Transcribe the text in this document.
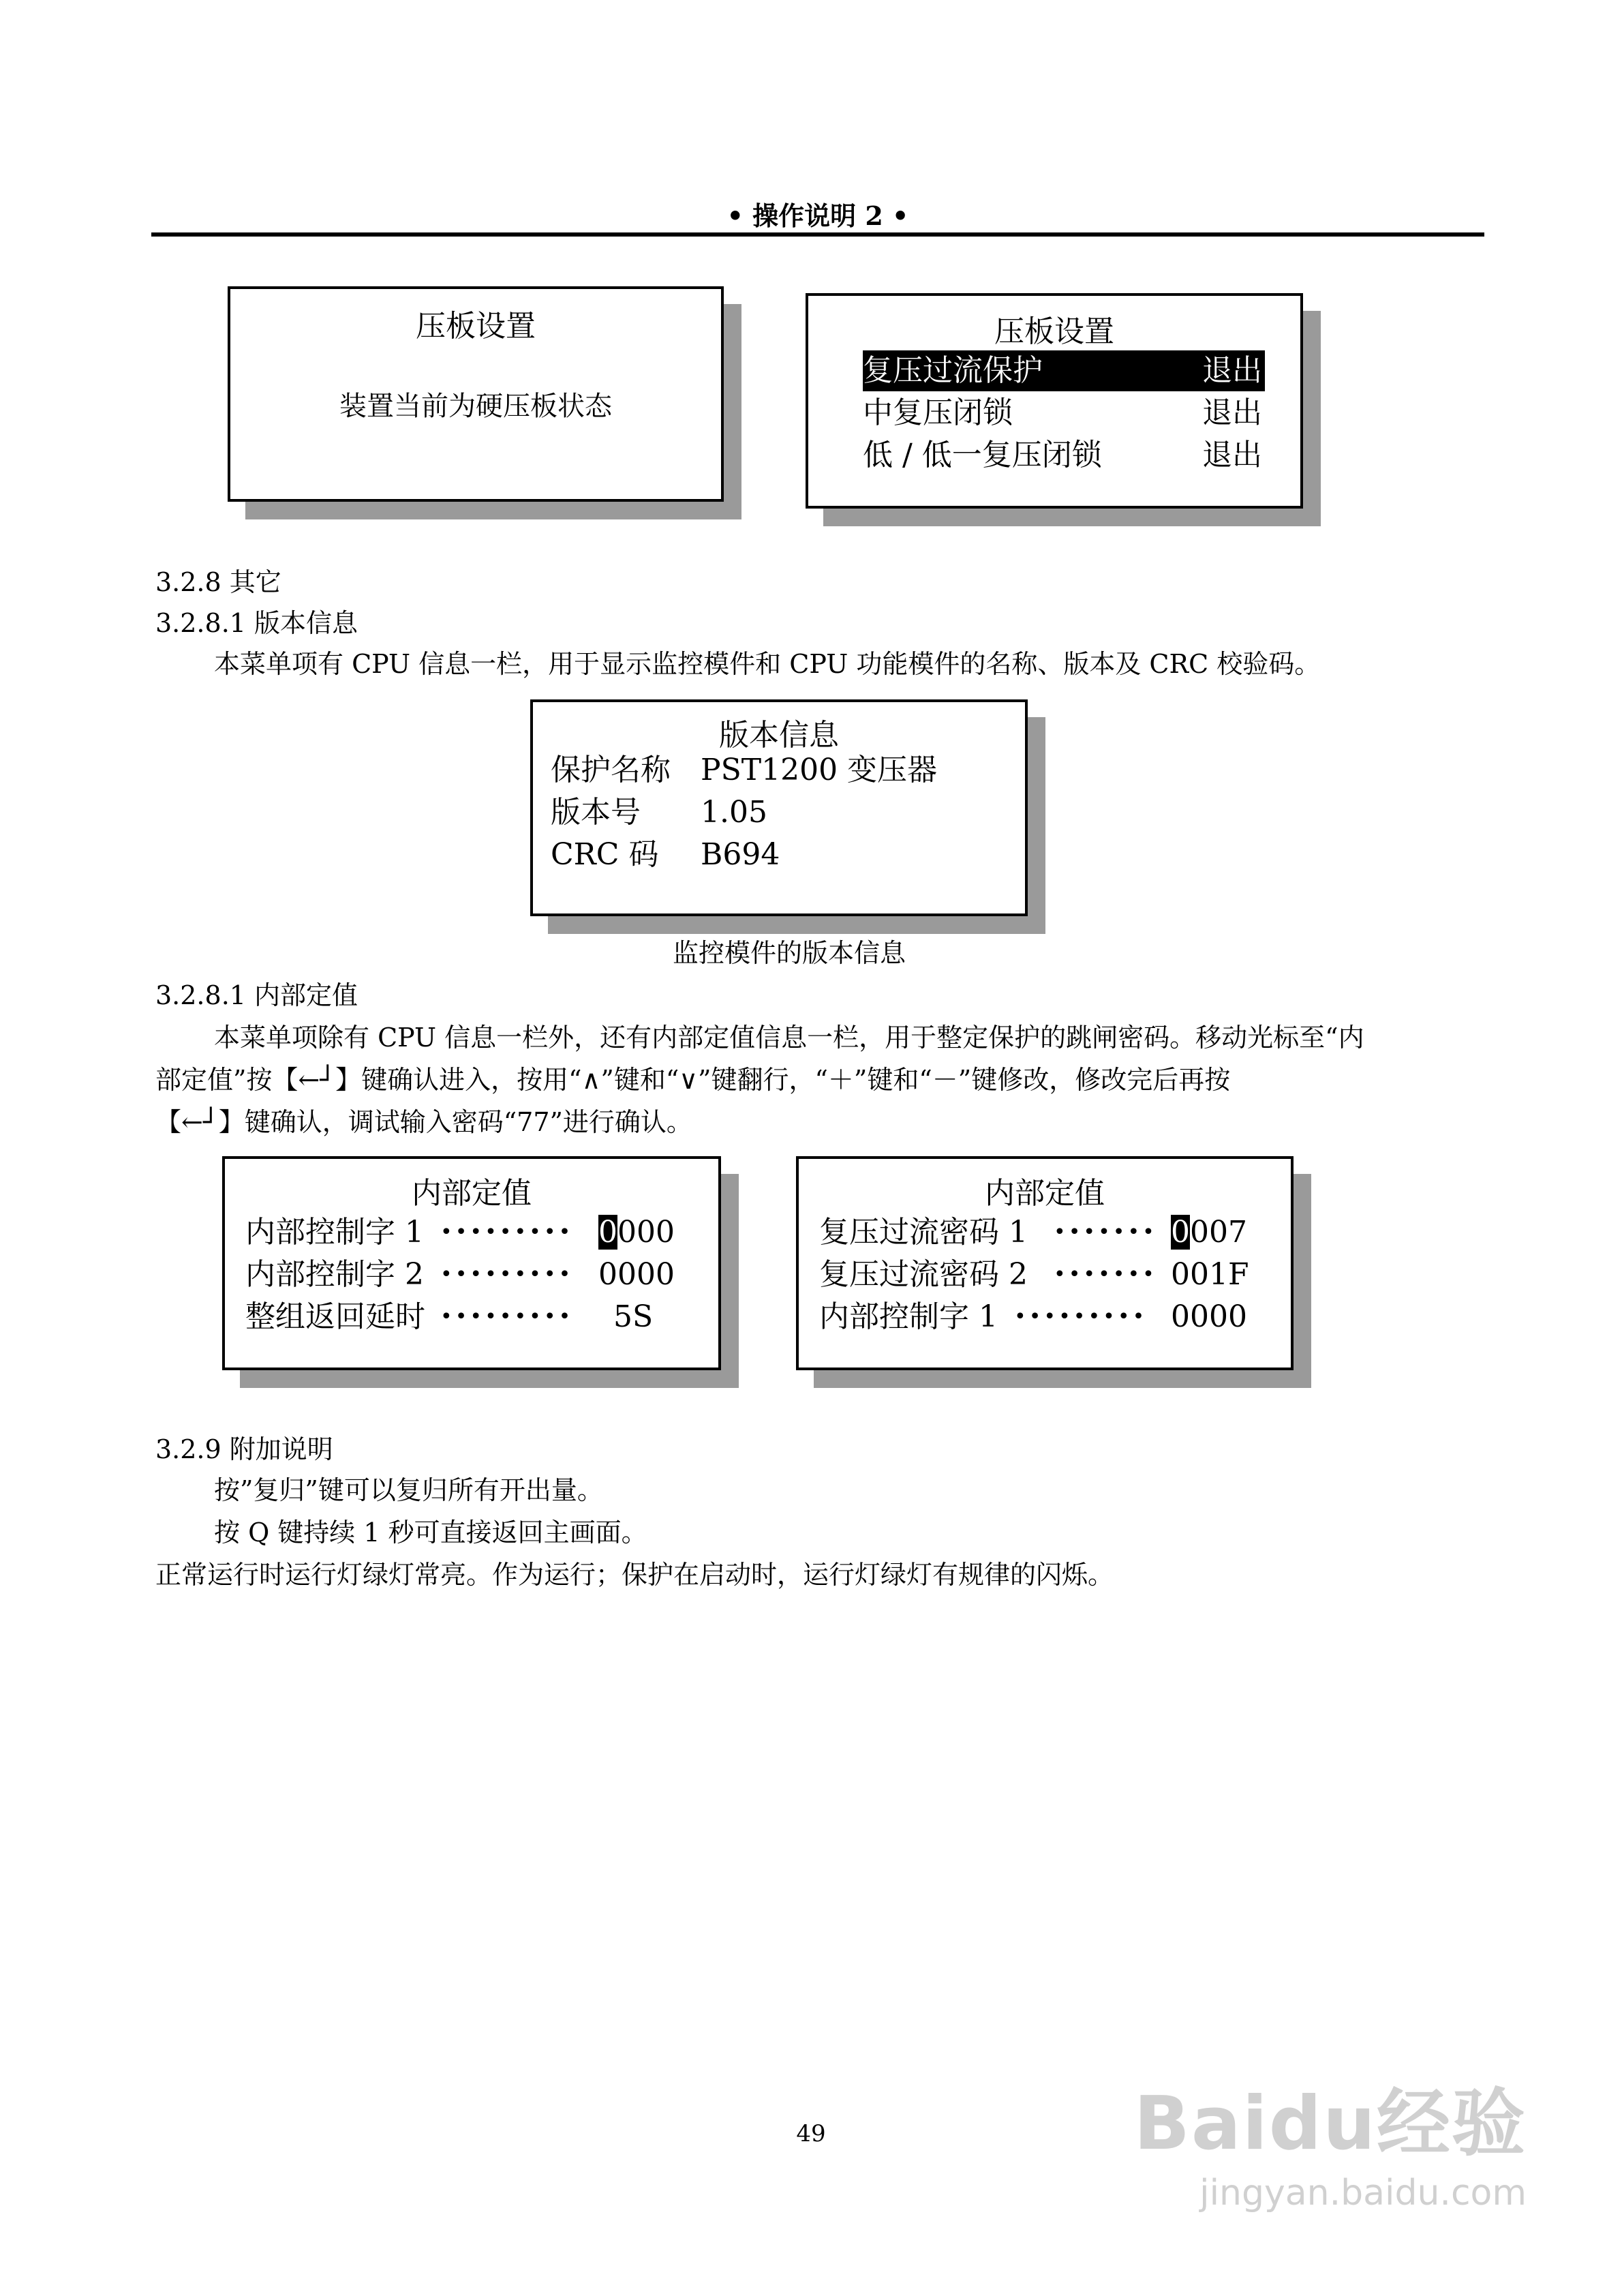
• 操作说明 2 •
压板设置
装置当前为硬压板状态
压板设置
复压过流保护	退出
中复压闭锁	退出
低 / 低一复压闭锁	退出
3.2.8 其它
3.2.8.1 版本信息
本菜单项有 CPU 信息一栏，用于显示监控模件和 CPU 功能模件的名称、版本及 CRC 校验码。
版本信息
保护名称 PST1200 变压器
版本号 1.05
CRC 码 B694
监控模件的版本信息
3.2.8.1 内部定值
本菜单项除有 CPU 信息一栏外，还有内部定值信息一栏，用于整定保护的跳闸密码。移动光标至“内
部定值”按【←┘】键确认进入，按用“∧”键和“∨”键翻行，“＋”键和“－”键修改，修改完后再按
【←┘】键确认，调试输入密码“77”进行确认。
内部定值
内部控制字 1 ••••••••• 0000
内部控制字 2 ••••••••• 0000
整组返回延时 ••••••••• 5S
内部定值
复压过流密码 1 ••••••• 0007
复压过流密码 2 ••••••• 001F
内部控制字 1 ••••••••• 0000
3.2.9 附加说明
按”复归”键可以复归所有开出量。
按 Q 键持续 1 秒可直接返回主画面。
正常运行时运行灯绿灯常亮。作为运行；保护在启动时，运行灯绿灯有规律的闪烁。
49	Baidu经验
jingyan.baidu.com
